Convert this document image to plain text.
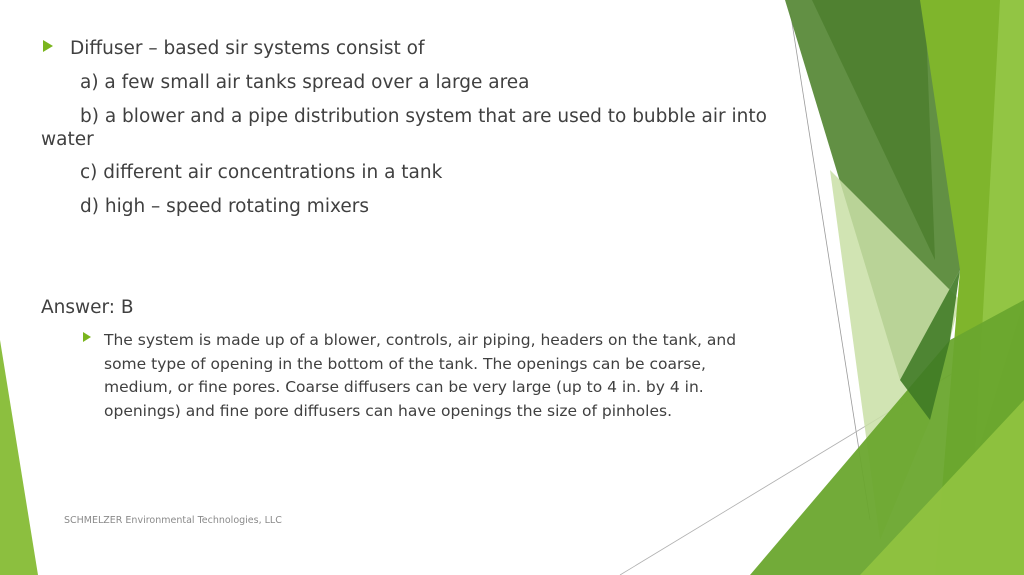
Diffuser – based sir systems consist of
a) a few small air tanks spread over a large area
b) a blower and a pipe distribution system that are used to bubble air into
water
c) different air concentrations in a tank
d) high – speed rotating mixers
Answer: B
The system is made up of a blower, controls, air piping, headers on the tank, and some type of opening in the bottom of the tank. The openings can be coarse, medium, or fine pores. Coarse diffusers can be very large (up to 4 in. by 4 in. openings) and fine pore diffusers can have openings the size of pinholes.
SCHMELZER Environmental Technologies, LLC
